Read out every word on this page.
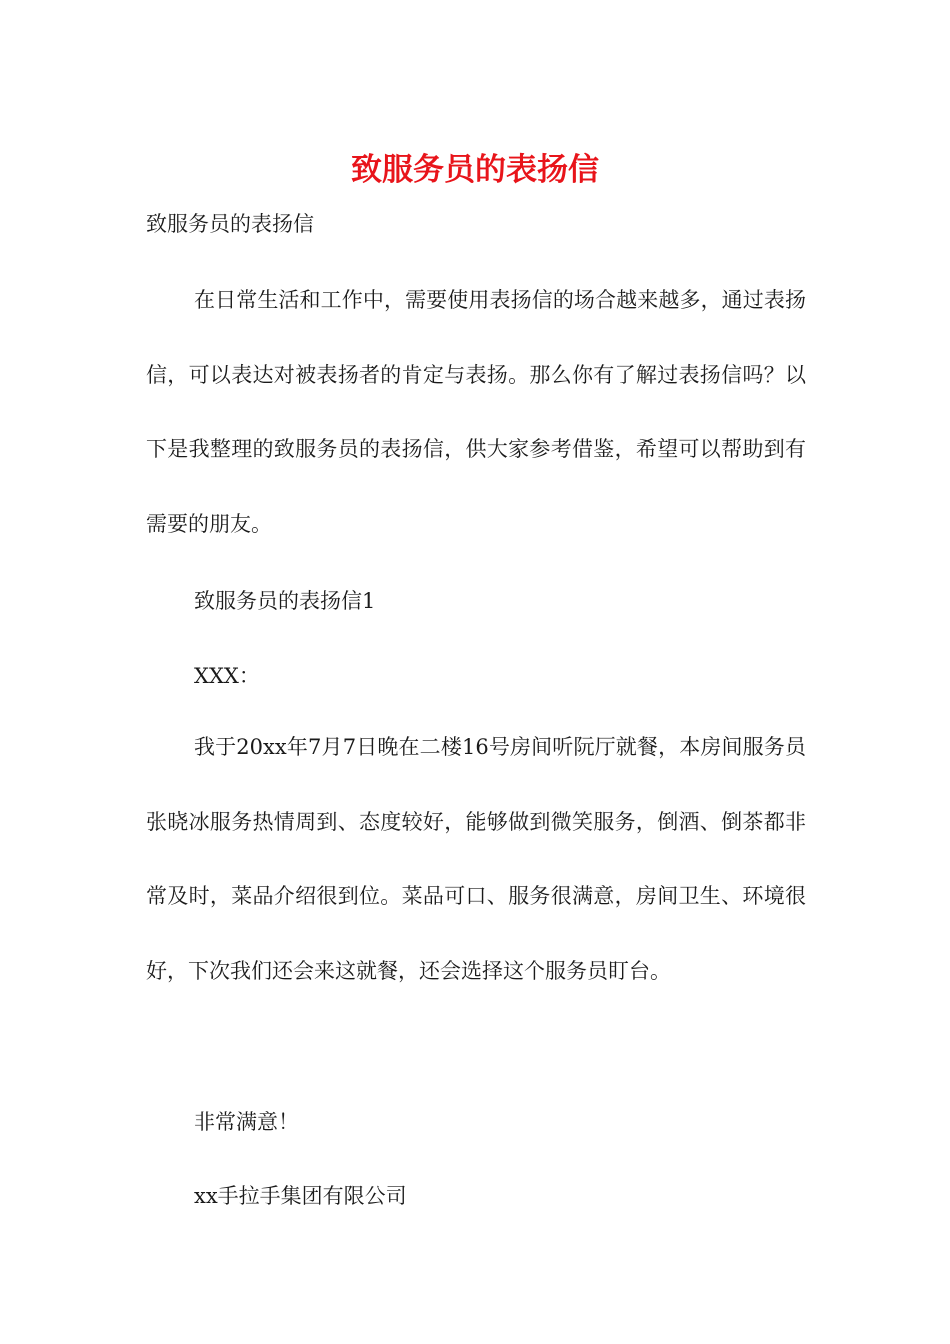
致服务员的表扬信
致服务员的表扬信

在日常生活和工作中，需要使用表扬信的场合越来越多，通过表扬信，可以表达对被表扬者的肯定与表扬。那么你有了解过表扬信吗？以下是我整理的致服务员的表扬信，供大家参考借鉴，希望可以帮助到有需要的朋友。

致服务员的表扬信1
XXX：

我于20xx年7月7日晚在二楼16号房间听阮厅就餐，本房间服务员张晓冰服务热情周到、态度较好，能够做到微笑服务，倒酒、倒茶都非常及时，菜品介绍很到位。菜品可口、服务很满意，房间卫生、环境很好，下次我们还会来这就餐，还会选择这个服务员盯台。

非常满意！
xx手拉手集团有限公司
